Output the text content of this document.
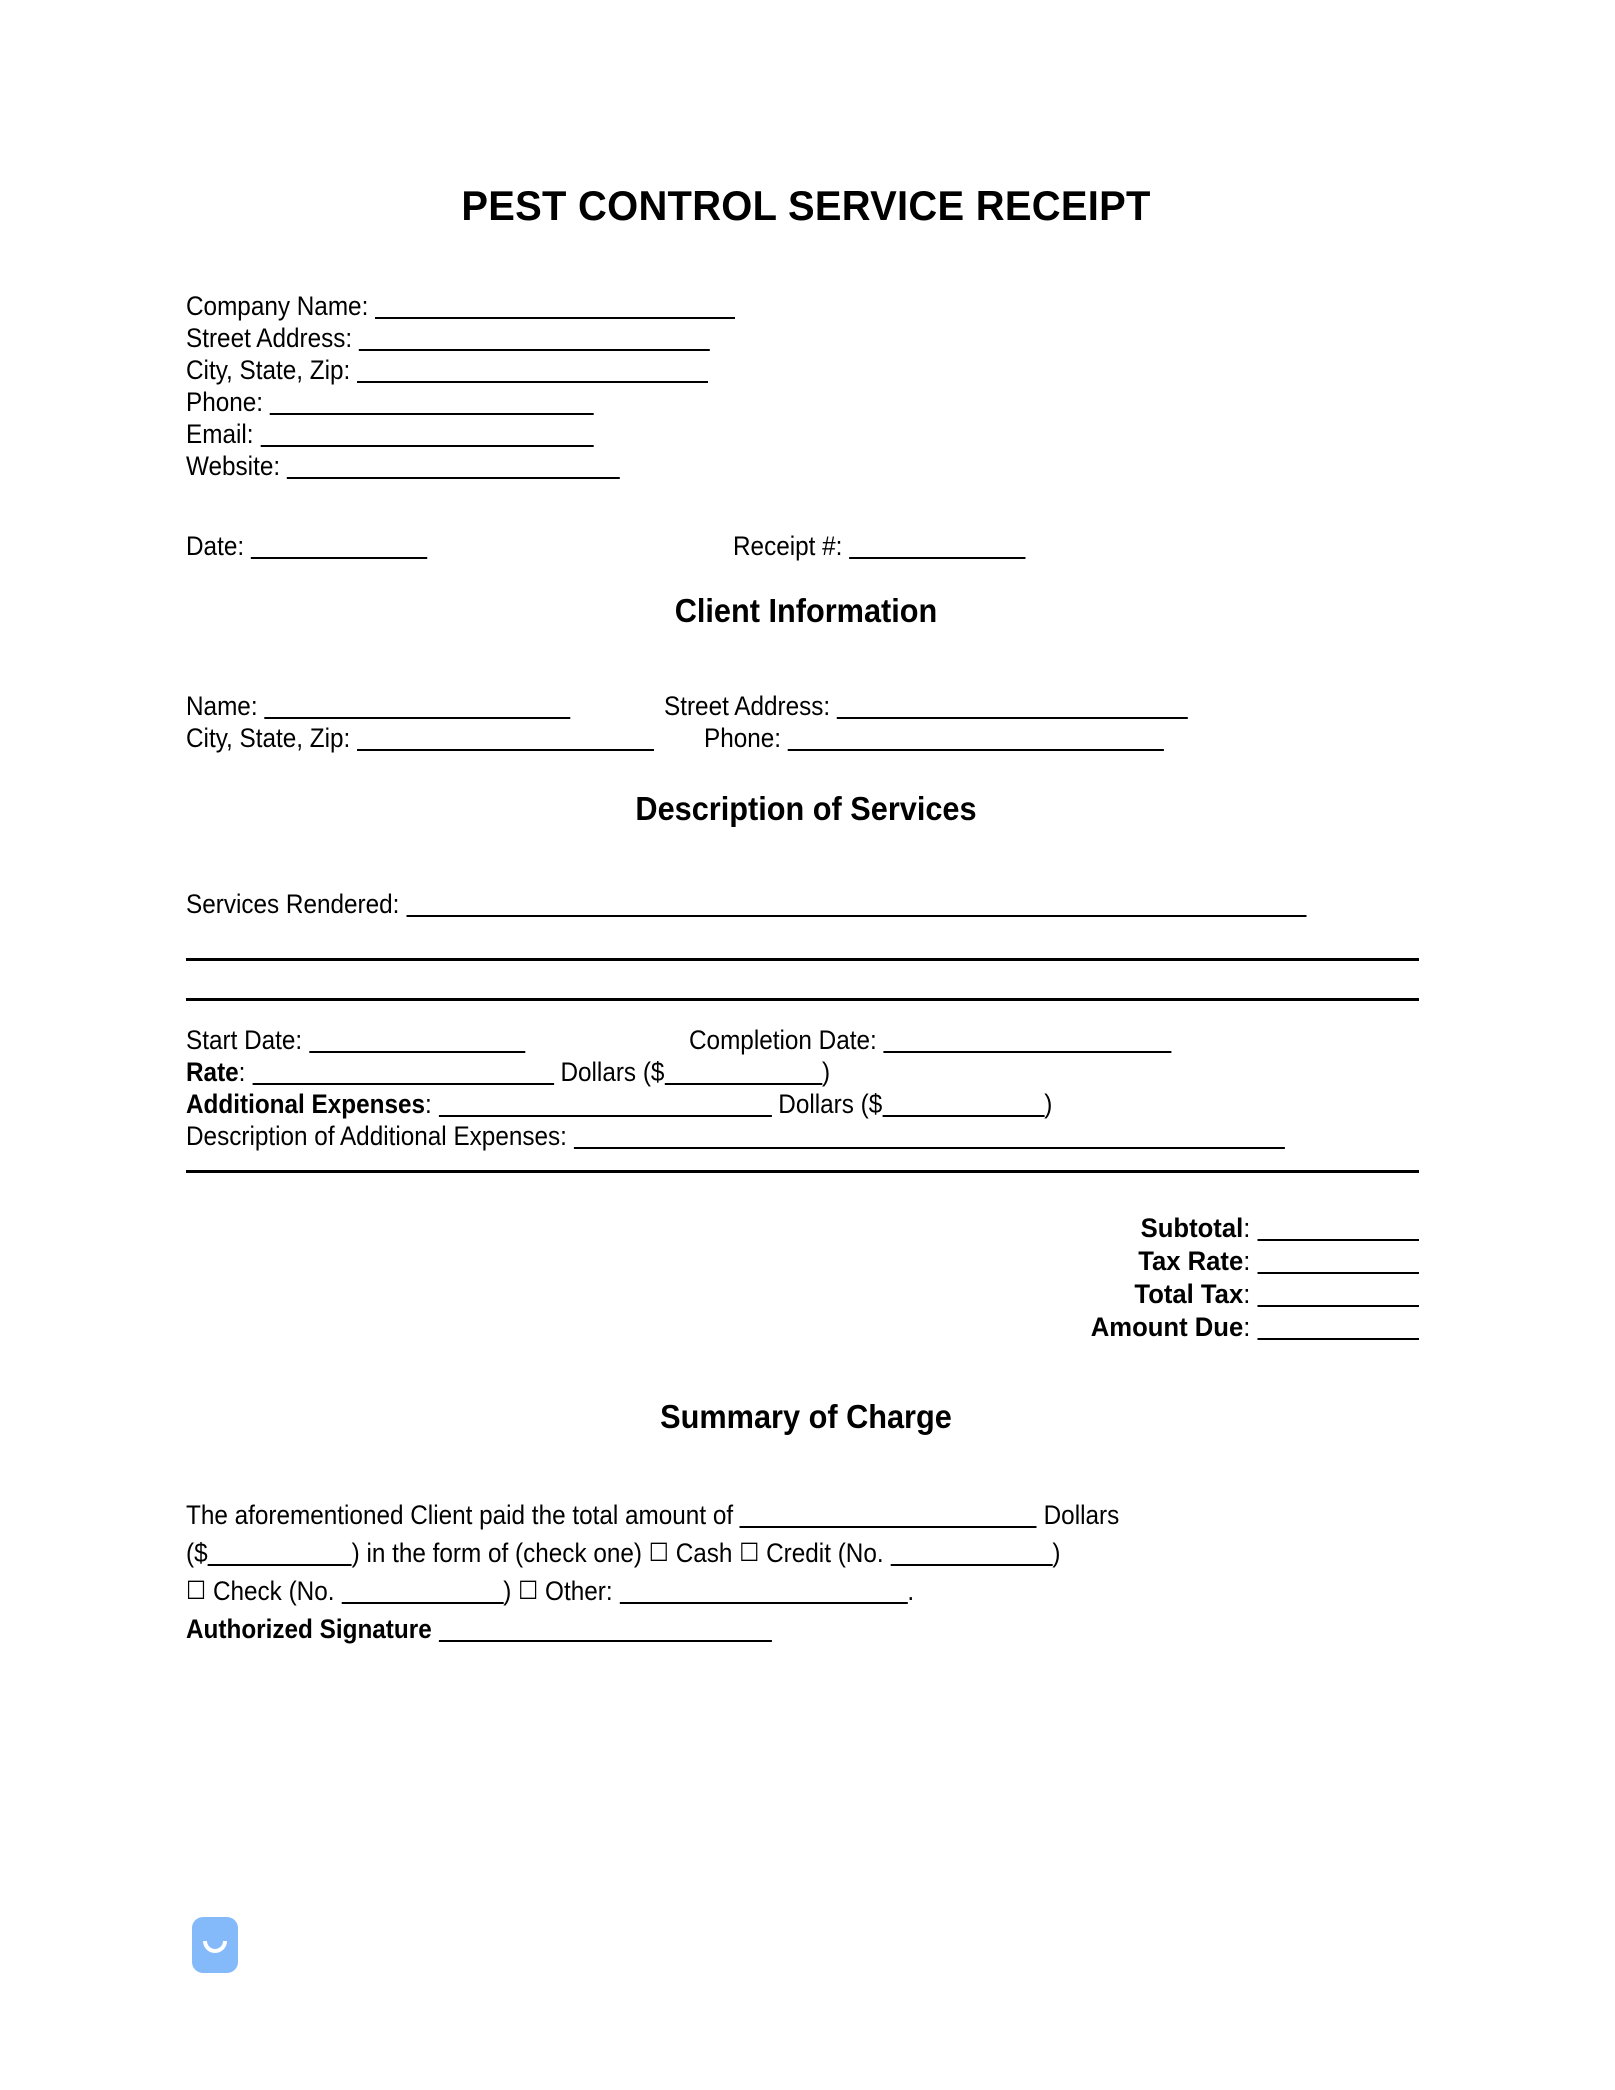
PEST CONTROL SERVICE RECEIPT
Company Name:
Street Address:
City, State, Zip:
Phone:
Email:
Website:
Date:	Receipt #:
Client Information
Name:	Street Address:
City, State, Zip:	Phone:
Description of Services
Services Rendered:
Start Date:	Completion Date:
Rate:	Dollars ($	)
Additional Expenses:	Dollars ($	)
Description of Additional Expenses:
Subtotal:
Tax Rate:
Total Tax:
Amount Due:
Summary of Charge
The aforementioned Client paid the total amount of	Dollars
($	) in the form of (check one) ☐ Cash ☐ Credit (No.	)
☐ Check (No.	) ☐ Other:	.
Authorized Signature
